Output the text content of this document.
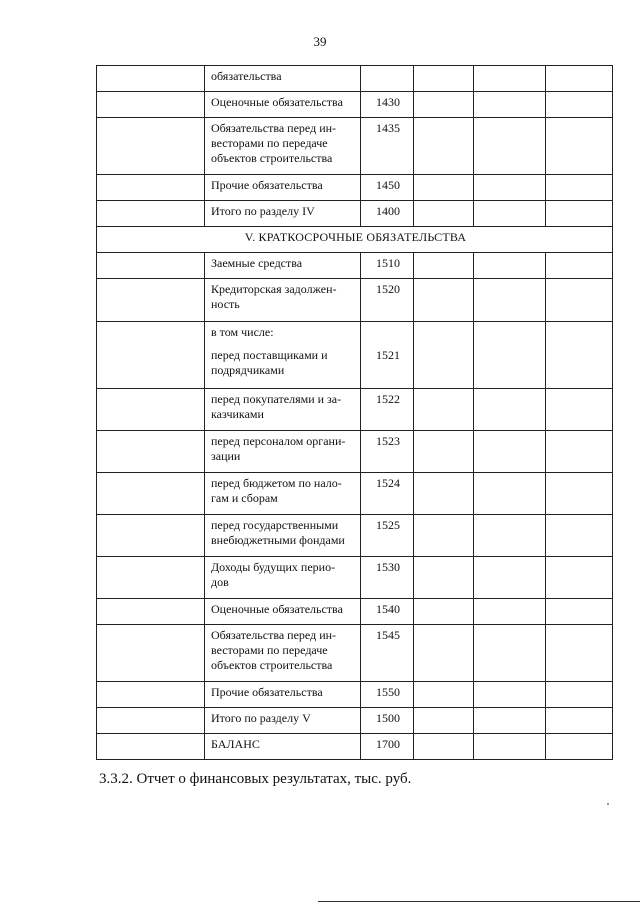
39
	обязательства				
	Оценочные обязательства	1430			
	Обязательства перед ин-
весторами по передаче
объектов строительства	1435			
	Прочие обязательства	1450			
	Итого по разделу IV	1400			
V. КРАТКОСРОЧНЫЕ ОБЯЗАТЕЛЬСТВА					
	Заемные средства	1510			
	Кредиторская задолжен-
ность	1520			
	в том числе:
перед поставщиками и
подрядчиками	1521			
	перед покупателями и за-
казчиками	1522			
	перед персоналом органи-
зации	1523			
	перед бюджетом по нало-
гам и сборам	1524			
	перед государственными
внебюджетными фондами	1525			
	Доходы будущих перио-
дов	1530			
	Оценочные обязательства	1540			
	Обязательства перед ин-
весторами по передаче
объектов строительства	1545			
	Прочие обязательства	1550			
	Итого по разделу V	1500			
	БАЛАНС	1700			
3.3.2. Отчет о финансовых результатах, тыс. руб.
